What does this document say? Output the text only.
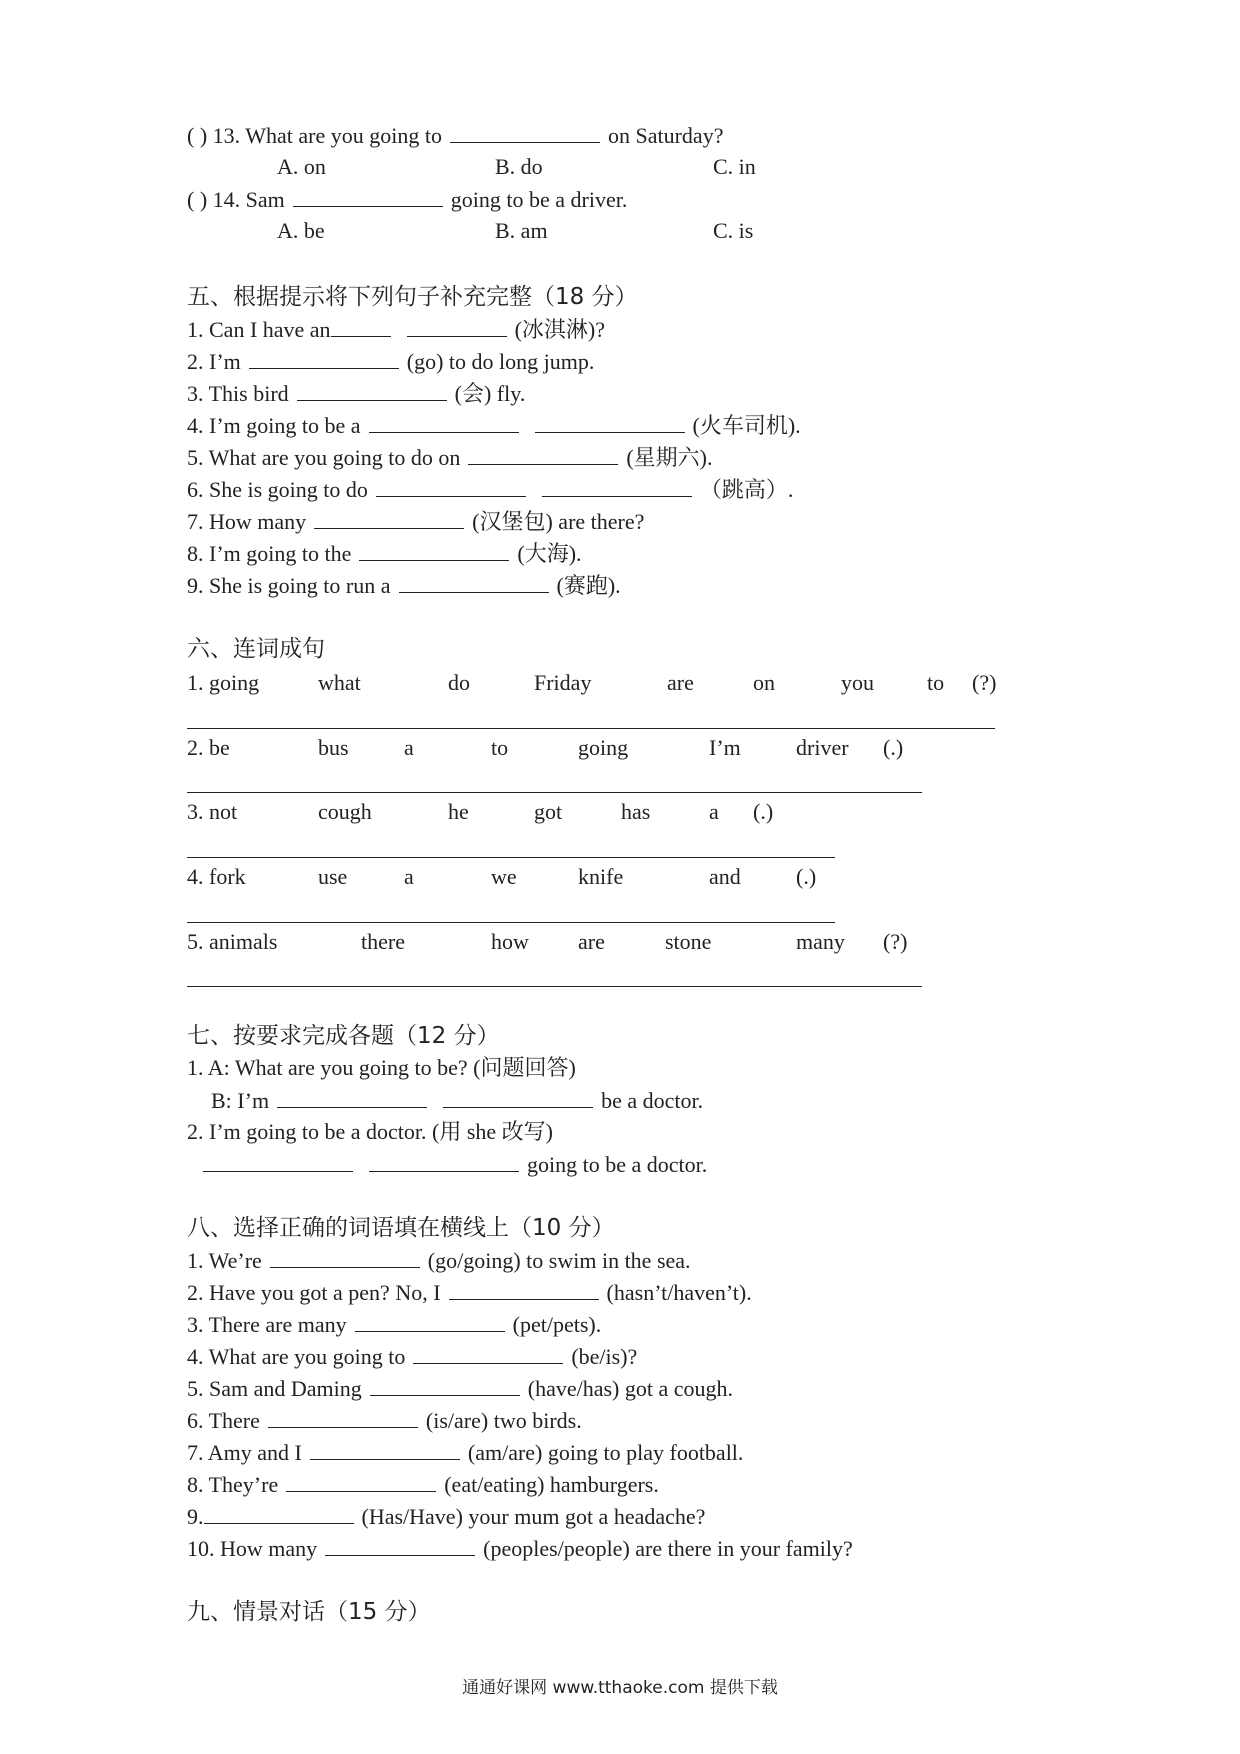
( ) 13. What are you going to	on Saturday?
A. on	B. do	C. in
( ) 14. Sam	going to be a driver.
A. be	B. am	C. is
五、根据提示将下列句子补充完整（18 分）
1. Can I have an	(冰淇淋)?
2. I’m	(go) to do long jump.
3. This bird	(会) fly.
4. I’m going to be a	(火车司机).
5. What are you going to do on	(星期六).
6. She is going to do	（跳高）.
7. How many	(汉堡包) are there?
8. I’m going to the	(大海).
9. She is going to run a	(赛跑).
六、连词成句
1. going	what	do	Friday	are	on	you to (?)
2. be	bus	a	to	going	I’m	driver (.)
3. not	cough	he	got	has	a (.)
4. fork	use	a	we	knife	and	(.)
5. animals	there	how are	stone	many (?)
七、按要求完成各题（12 分）
1. A: What are you going to be? (问题回答)
B: I’m	be a doctor.
2. I’m going to be a doctor. (用 she 改写)
going to be a doctor.
八、选择正确的词语填在横线上（10 分）
1. We’re	(go/going) to swim in the sea.
2. Have you got a pen? No, I	(hasn’t/haven’t).
3. There are many	(pet/pets).
4. What are you going to	(be/is)?
5. Sam and Daming	(have/has) got a cough.
6. There	(is/are) two birds.
7. Amy and I	(am/are) going to play football.
8. They’re	(eat/eating) hamburgers.
9.	(Has/Have) your mum got a headache?
10. How many	(peoples/people) are there in your family?
九、情景对话（15 分）
通通好课网 www.tthaoke.com 提供下载
